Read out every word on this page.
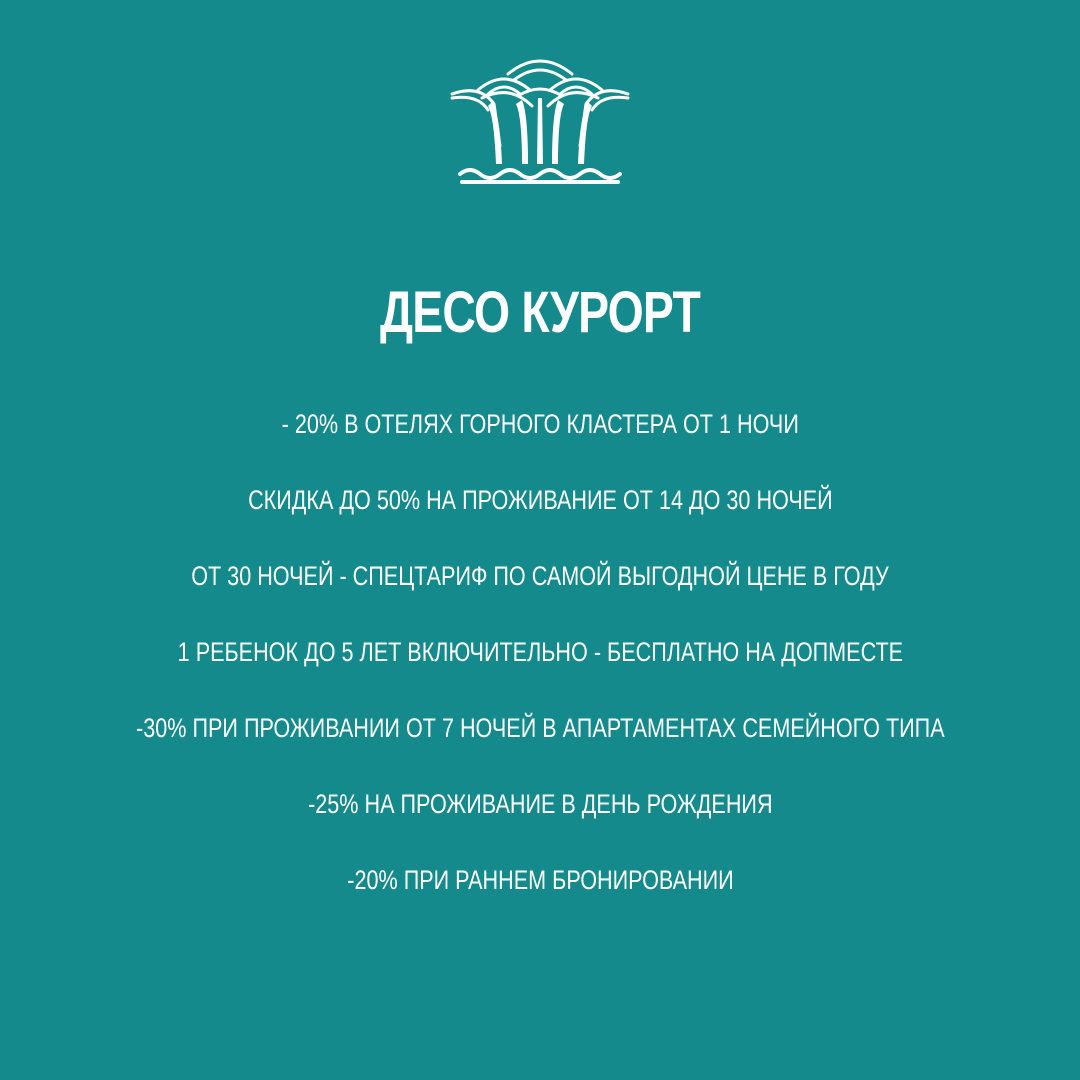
ДЕСО КУРОРТ
- 20% В ОТЕЛЯХ ГОРНОГО КЛАСТЕРА ОТ 1 НОЧИ
СКИДКА ДО 50% НА ПРОЖИВАНИЕ ОТ 14 ДО 30 НОЧЕЙ
ОТ 30 НОЧЕЙ - СПЕЦТАРИФ ПО САМОЙ ВЫГОДНОЙ ЦЕНЕ В ГОДУ
1 РЕБЕНОК ДО 5 ЛЕТ ВКЛЮЧИТЕЛЬНО - БЕСПЛАТНО НА ДОПМЕСТЕ
-30% ПРИ ПРОЖИВАНИИ ОТ 7 НОЧЕЙ В АПАРТАМЕНТАХ СЕМЕЙНОГО ТИПА
-25% НА ПРОЖИВАНИЕ В ДЕНЬ РОЖДЕНИЯ
-20% ПРИ РАННЕМ БРОНИРОВАНИИ
